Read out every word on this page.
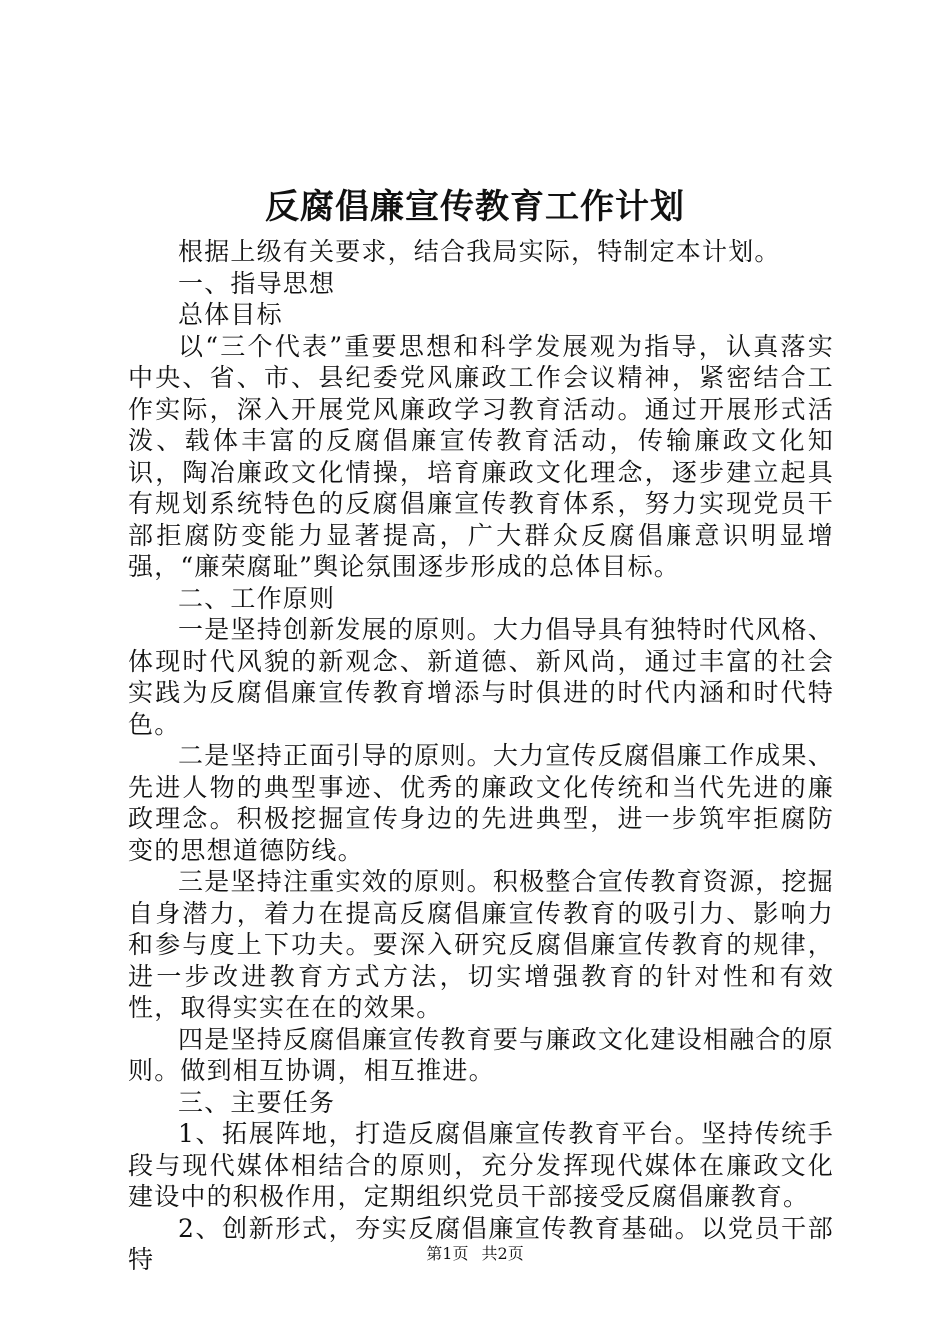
反腐倡廉宣传教育工作计划

根据上级有关要求，结合我局实际，特制定本计划。

一、指导思想

总体目标

以“三个代表”重要思想和科学发展观为指导，认真落实中央、省、市、县纪委党风廉政工作会议精神，紧密结合工作实际，深入开展党风廉政学习教育活动。通过开展形式活泼、载体丰富的反腐倡廉宣传教育活动，传输廉政文化知识，陶冶廉政文化情操，培育廉政文化理念，逐步建立起具有规划系统特色的反腐倡廉宣传教育体系，努力实现党员干部拒腐防变能力显著提高，广大群众反腐倡廉意识明显增强，“廉荣腐耻”舆论氛围逐步形成的总体目标。

二、工作原则

一是坚持创新发展的原则。大力倡导具有独特时代风格、体现时代风貌的新观念、新道德、新风尚，通过丰富的社会实践为反腐倡廉宣传教育增添与时俱进的时代内涵和时代特色。

二是坚持正面引导的原则。大力宣传反腐倡廉工作成果、先进人物的典型事迹、优秀的廉政文化传统和当代先进的廉政理念。积极挖掘宣传身边的先进典型，进一步筑牢拒腐防变的思想道德防线。

三是坚持注重实效的原则。积极整合宣传教育资源，挖掘自身潜力，着力在提高反腐倡廉宣传教育的吸引力、影响力和参与度上下功夫。要深入研究反腐倡廉宣传教育的规律，进一步改进教育方式方法，切实增强教育的针对性和有效性，取得实实在在的效果。

四是坚持反腐倡廉宣传教育要与廉政文化建设相融合的原则。做到相互协调，相互推进。

三、主要任务

1、拓展阵地，打造反腐倡廉宣传教育平台。坚持传统手段与现代媒体相结合的原则，充分发挥现代媒体在廉政文化建设中的积极作用，定期组织党员干部接受反腐倡廉教育。

2、创新形式，夯实反腐倡廉宣传教育基础。以党员干部特	第1页 共2页
